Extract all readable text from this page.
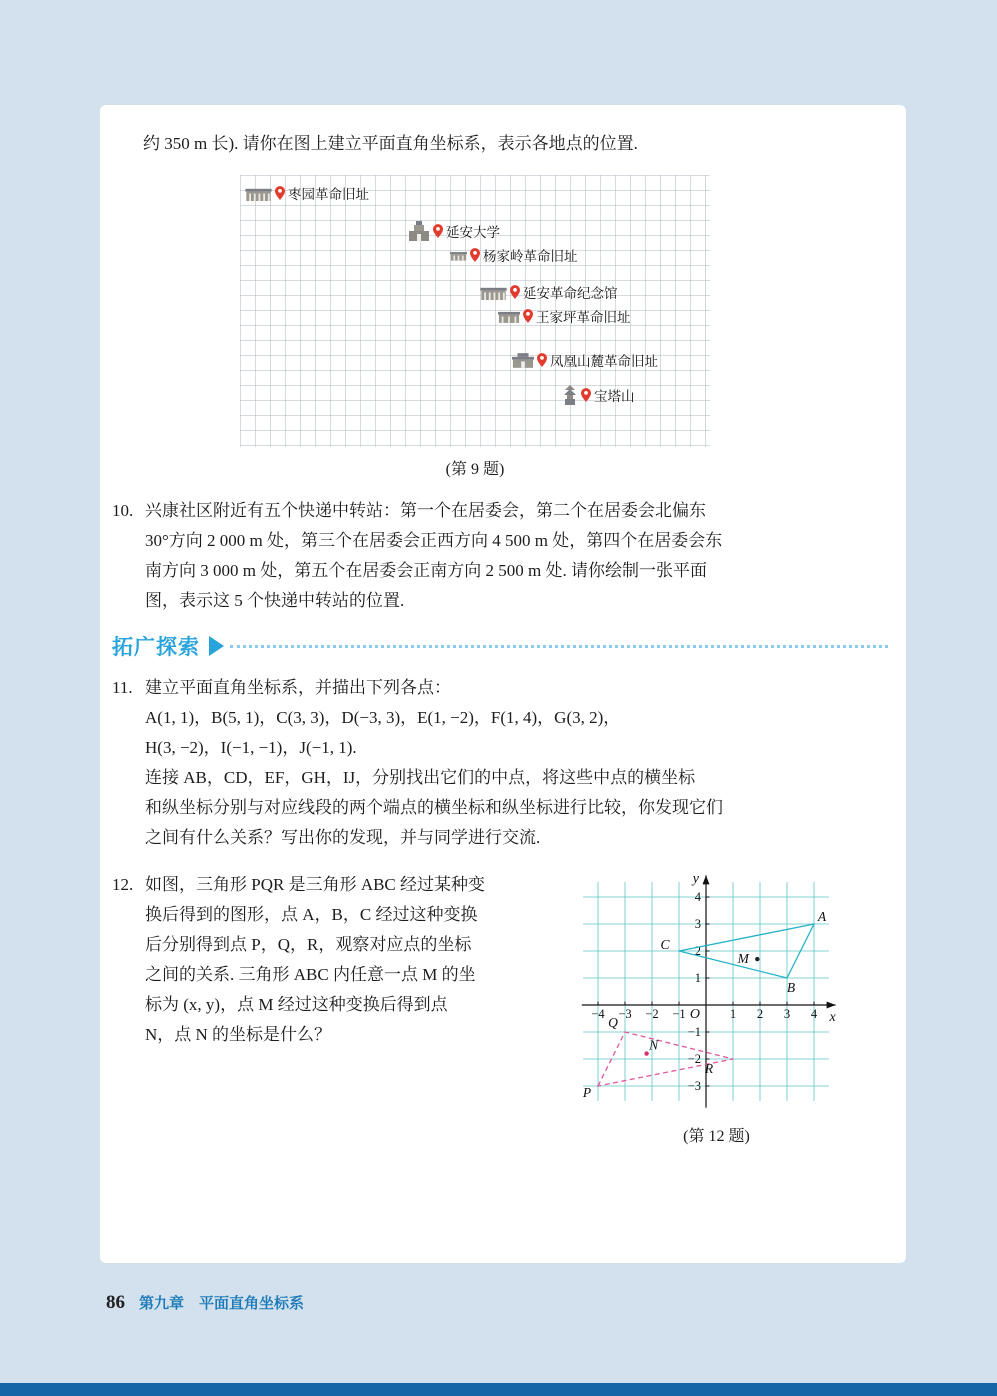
约 350 m 长). 请你在图上建立平面直角坐标系，表示各地点的位置.
枣园革命旧址
延安大学
杨家岭革命旧址
延安革命纪念馆
王家坪革命旧址
凤凰山麓革命旧址
宝塔山
(第 9 题)
10. 兴康社区附近有五个快递中转站：第一个在居委会，第二个在居委会北偏东
30°方向 2 000 m 处，第三个在居委会正西方向 4 500 m 处，第四个在居委会东
南方向 3 000 m 处，第五个在居委会正南方向 2 500 m 处. 请你绘制一张平面
图，表示这 5 个快递中转站的位置.
拓广探索
11. 建立平面直角坐标系，并描出下列各点：
A(1, 1)，B(5, 1)，C(3, 3)，D(−3, 3)，E(1, −2)，F(1, 4)，G(3, 2)，
H(3, −2)，I(−1, −1)，J(−1, 1).
连接 AB，CD，EF，GH，IJ，分别找出它们的中点，将这些中点的横坐标
和纵坐标分别与对应线段的两个端点的横坐标和纵坐标进行比较，你发现它们
之间有什么关系？写出你的发现，并与同学进行交流.
12. 如图，三角形 PQR 是三角形 ABC 经过某种变
换后得到的图形，点 A，B，C 经过这种变换
后分别得到点 P，Q，R，观察对应点的坐标
之间的关系. 三角形 ABC 内任意一点 M 的坐
标为 (x, y)，点 M 经过这种变换后得到点
N，点 N 的坐标是什么？
−4 −3 −2 −1	1 2 3 4
−3
−2
−1
1
2
3
4
O	x
y
A
B
C
P
Q
R
M
N
(第 12 题)
86 第九章　平面直角坐标系
